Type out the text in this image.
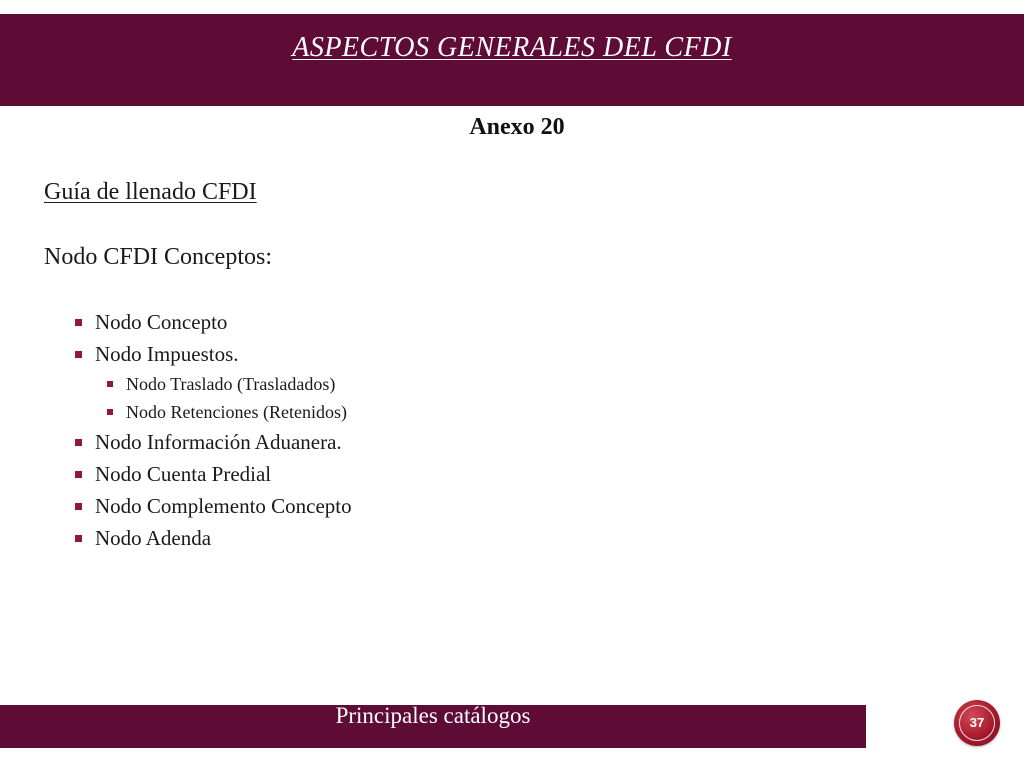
ASPECTOS GENERALES DEL CFDI
Anexo 20
Guía de llenado CFDI
Nodo CFDI Conceptos:
Nodo Concepto
Nodo Impuestos.
Nodo Traslado (Trasladados)
Nodo Retenciones (Retenidos)
Nodo Información Aduanera.
Nodo Cuenta Predial
Nodo Complemento Concepto
Nodo Adenda
Principales catálogos	37
